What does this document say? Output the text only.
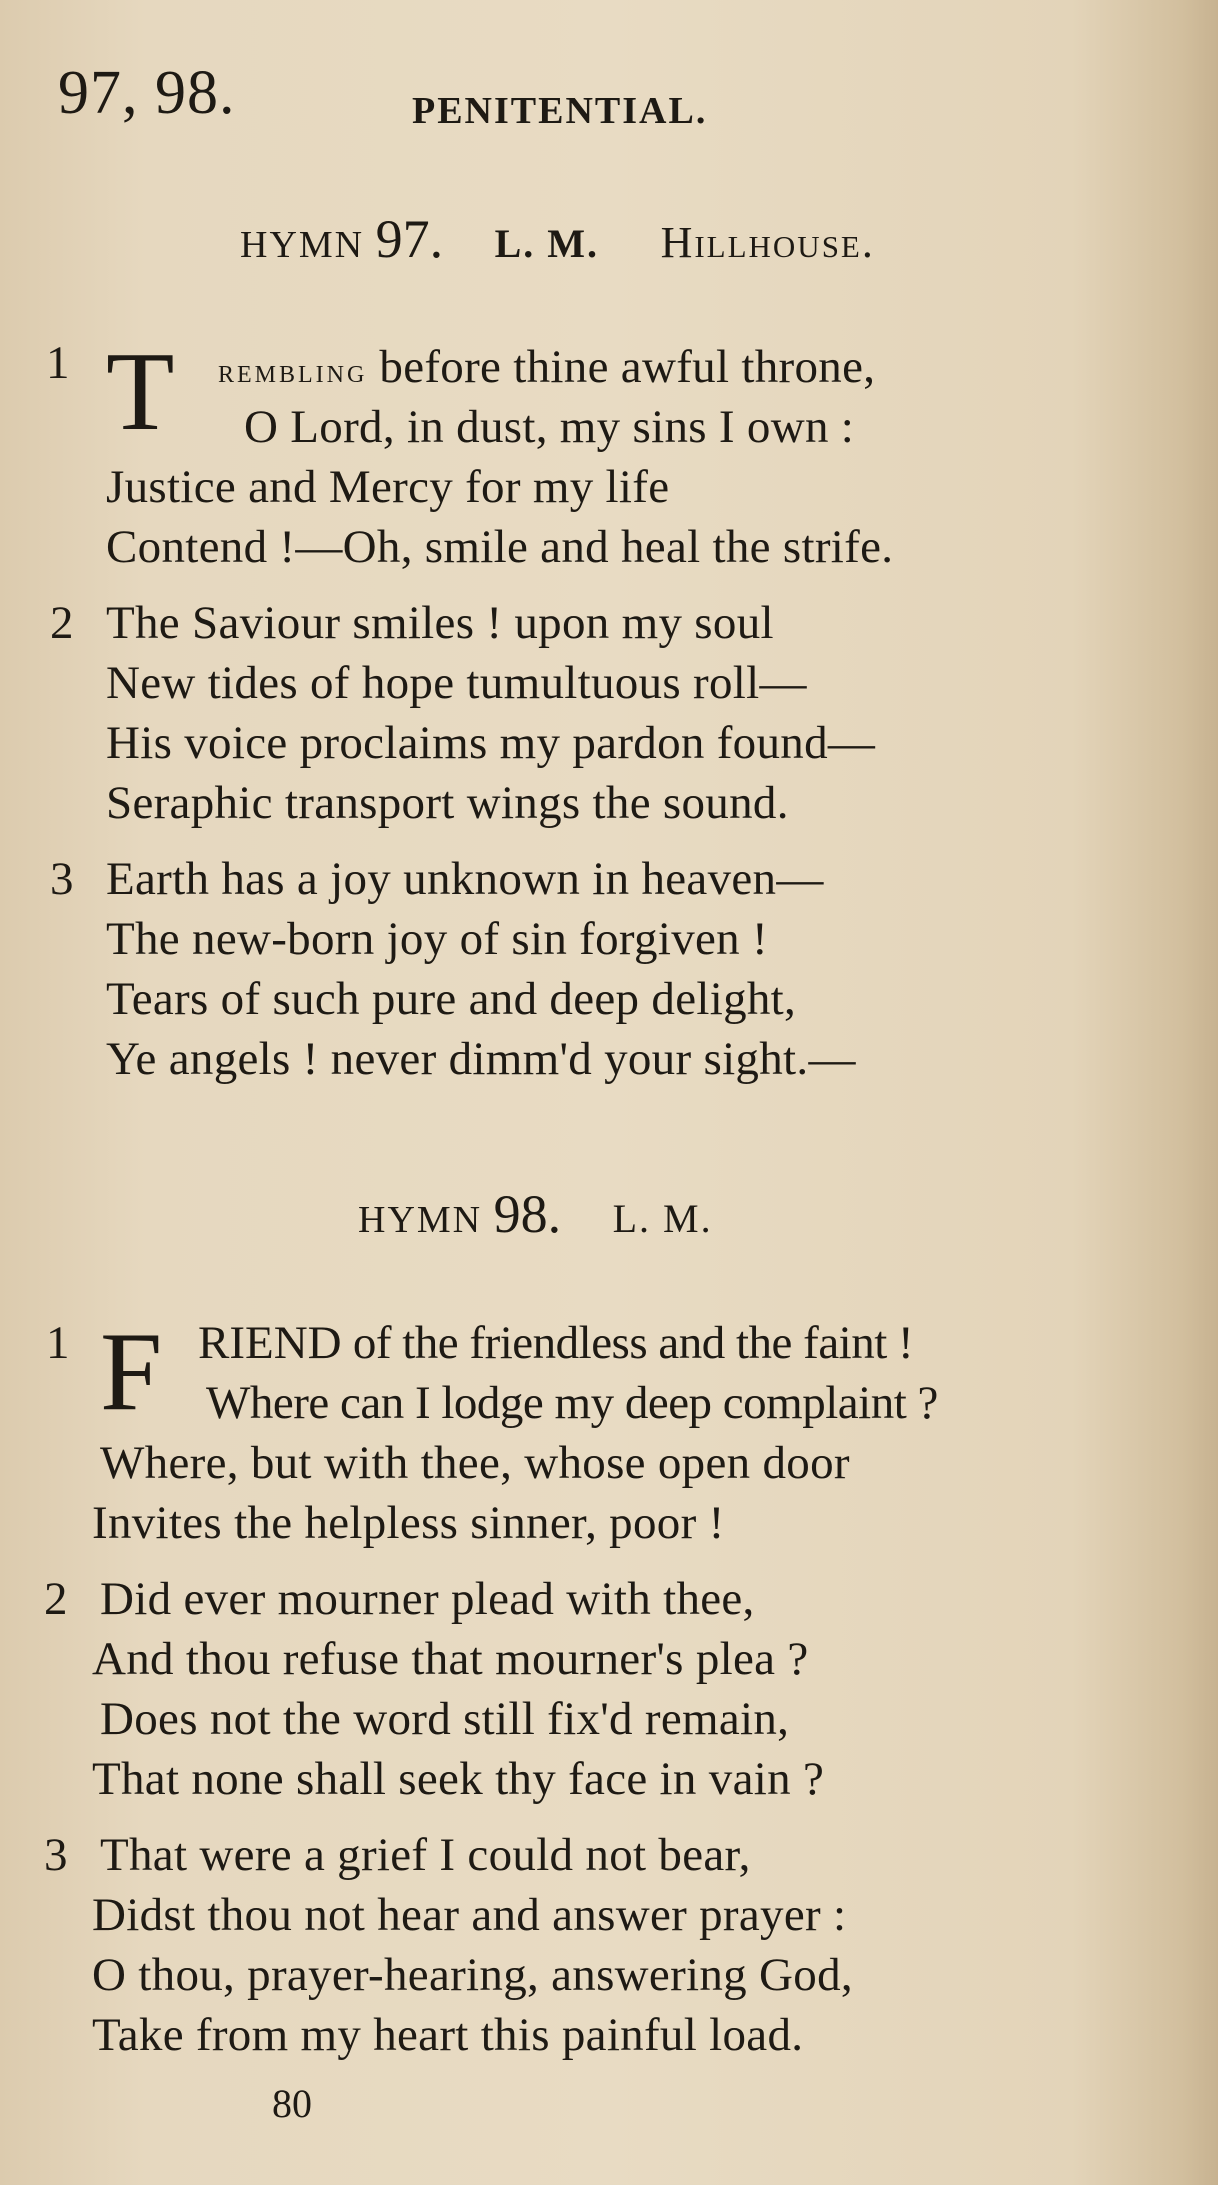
97, 98.	PENITENTIAL.
HYMN 97. L. M. Hillhouse.
1 T rembling before thine awful throne,
O Lord, in dust, my sins I own :
Justice and Mercy for my life
Contend !—Oh, smile and heal the strife.
2 The Saviour smiles ! upon my soul
New tides of hope tumultuous roll—
His voice proclaims my pardon found—
Seraphic transport wings the sound.
3 Earth has a joy unknown in heaven—
The new-born joy of sin forgiven !
Tears of such pure and deep delight,
Ye angels ! never dimm'd your sight.—
HYMN 98. L. M.
1 F RIEND of the friendless and the faint !
Where can I lodge my deep complaint ?
Where, but with thee, whose open door
Invites the helpless sinner, poor !
2 Did ever mourner plead with thee,
And thou refuse that mourner's plea ?
Does not the word still fix'd remain,
That none shall seek thy face in vain ?
3 That were a grief I could not bear,
Didst thou not hear and answer prayer :
O thou, prayer-hearing, answering God,
Take from my heart this painful load.
80
